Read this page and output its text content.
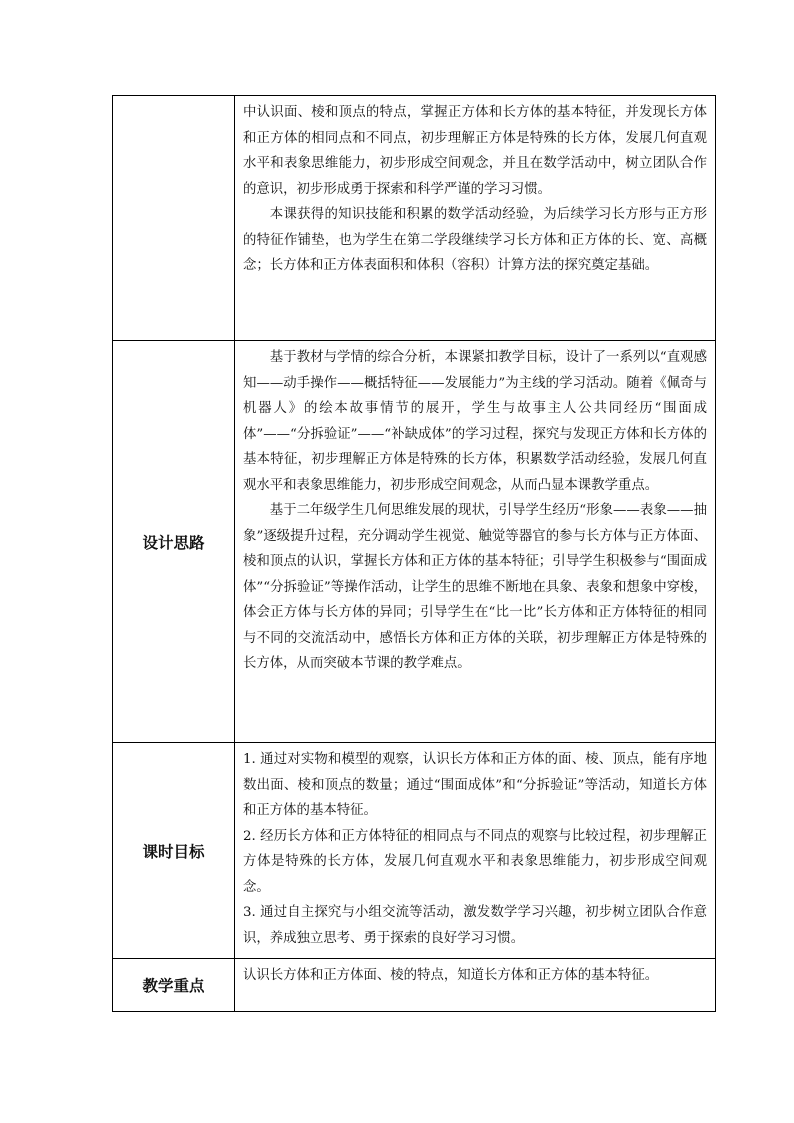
	中认识面、棱和顶点的特点，掌握正方体和长方体的基本特征，并发现长方体和正方体的相同点和不同点，初步理解正方体是特殊的长方体，发展几何直观水平和表象思维能力，初步形成空间观念，并且在数学活动中，树立团队合作的意识，初步形成勇于探索和科学严谨的学习习惯。

本课获得的知识技能和积累的数学活动经验，为后续学习长方形与正方形的特征作铺垫，也为学生在第二学段继续学习长方体和正方体的长、宽、高概念；长方体和正方体表面积和体积（容积）计算方法的探究奠定基础。

设计思路	基于教材与学情的综合分析，本课紧扣教学目标，设计了一系列以“直观感知——动手操作——概括特征——发展能力”为主线的学习活动。随着《佩奇与机器人》的绘本故事情节的展开，学生与故事主人公共同经历“围面成体”——“分拆验证”——“补缺成体”的学习过程，探究与发现正方体和长方体的基本特征，初步理解正方体是特殊的长方体，积累数学活动经验，发展几何直观水平和表象思维能力，初步形成空间观念，从而凸显本课教学重点。

基于二年级学生几何思维发展的现状，引导学生经历“形象——表象——抽象”逐级提升过程，充分调动学生视觉、触觉等器官的参与长方体与正方体面、棱和顶点的认识，掌握长方体和正方体的基本特征；引导学生积极参与“围面成体”“分拆验证”等操作活动，让学生的思维不断地在具象、表象和想象中穿梭，体会正方体与长方体的异同；引导学生在“比一比”长方体和正方体特征的相同与不同的交流活动中，感悟长方体和正方体的关联，初步理解正方体是特殊的长方体，从而突破本节课的教学难点。

课时目标	1. 通过对实物和模型的观察，认识长方体和正方体的面、棱、顶点，能有序地数出面、棱和顶点的数量；通过“围面成体”和“分拆验证”等活动，知道长方体和正方体的基本特征。

2. 经历长方体和正方体特征的相同点与不同点的观察与比较过程，初步理解正方体是特殊的长方体，发展几何直观水平和表象思维能力，初步形成空间观念。

3. 通过自主探究与小组交流等活动，激发数学学习兴趣，初步树立团队合作意识，养成独立思考、勇于探索的良好学习习惯。

教学重点	认识长方体和正方体面、棱的特点，知道长方体和正方体的基本特征。
